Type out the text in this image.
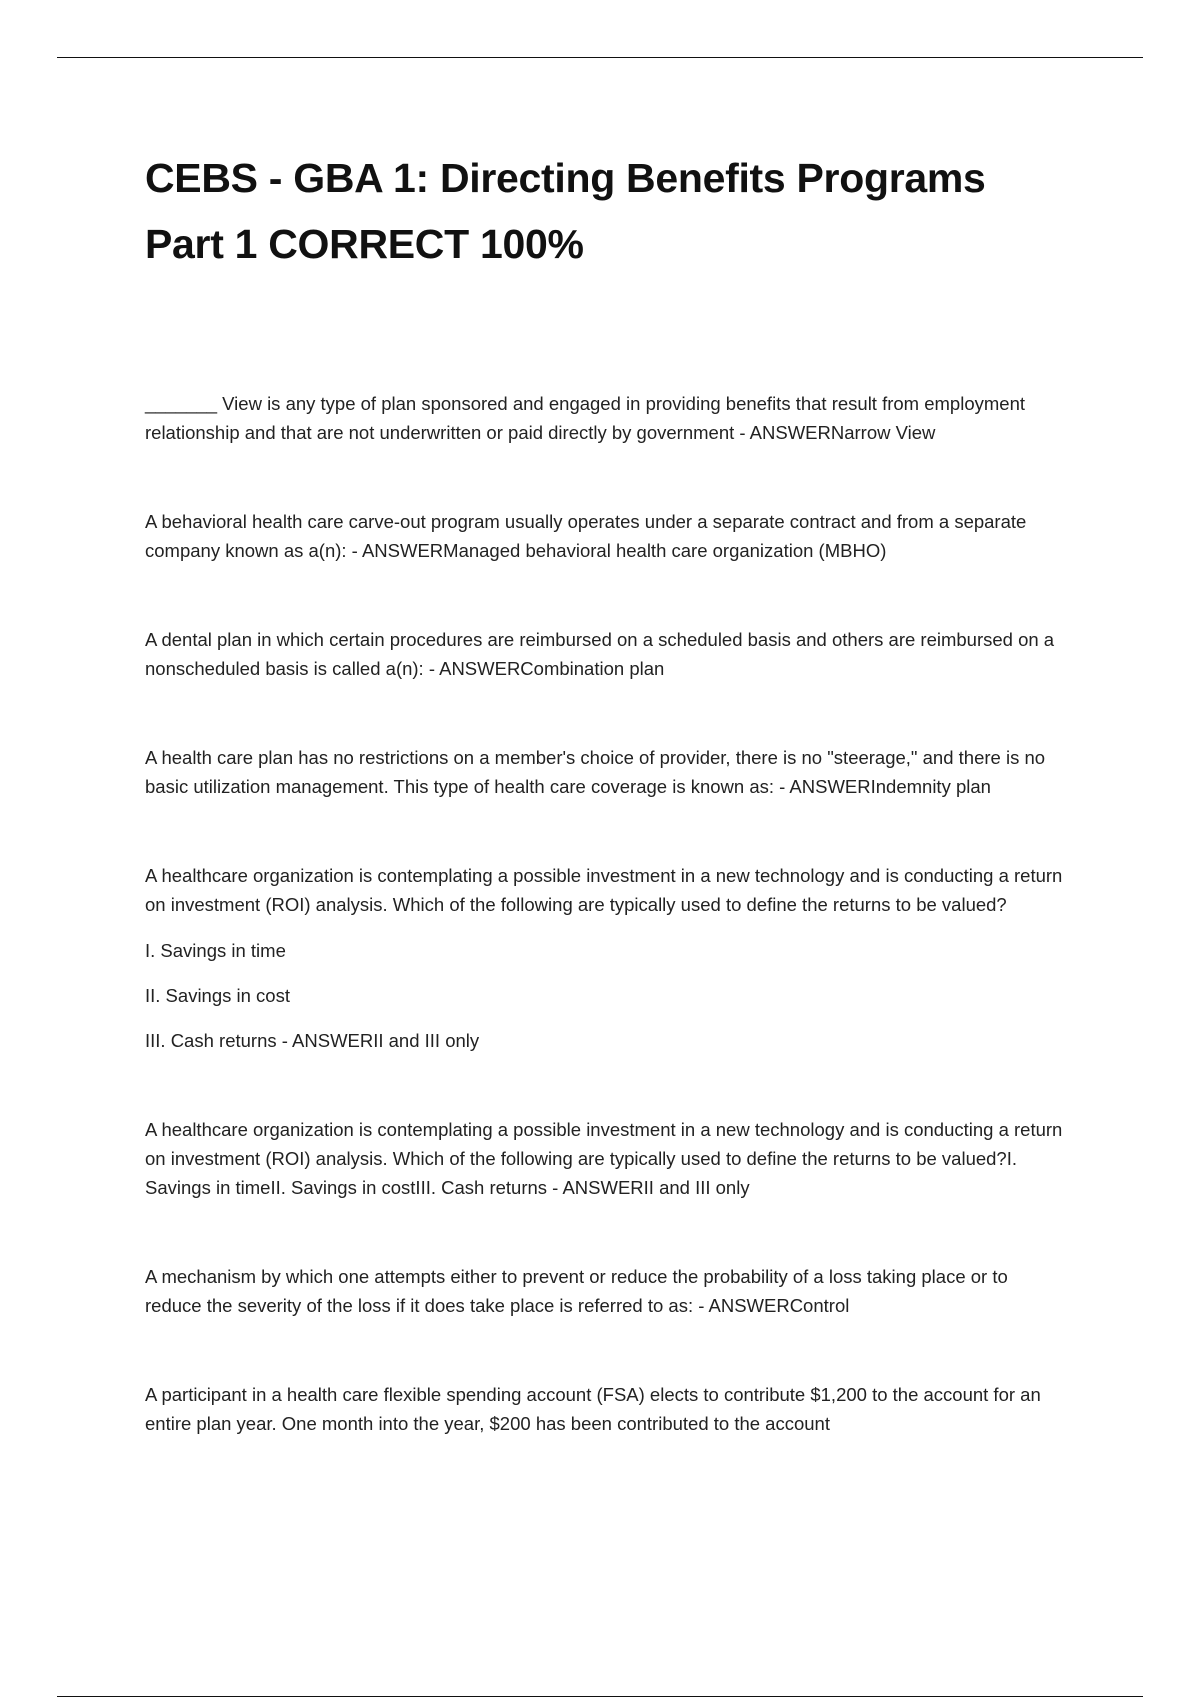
CEBS - GBA 1: Directing Benefits Programs
Part 1 CORRECT 100%

_______ View is any type of plan sponsored and engaged in providing benefits that result from employment relationship and that are not underwritten or paid directly by government - ANSWERNarrow View

A behavioral health care carve-out program usually operates under a separate contract and from a separate company known as a(n): - ANSWERManaged behavioral health care organization (MBHO)

A dental plan in which certain procedures are reimbursed on a scheduled basis and others are reimbursed on a nonscheduled basis is called a(n): - ANSWERCombination plan

A health care plan has no restrictions on a member's choice of provider, there is no "steerage," and there is no basic utilization management. This type of health care coverage is known as: - ANSWERIndemnity plan

A healthcare organization is contemplating a possible investment in a new technology and is conducting a return on investment (ROI) analysis. Which of the following are typically used to define the returns to be valued?

I. Savings in time

II. Savings in cost

III. Cash returns - ANSWERII and III only

A healthcare organization is contemplating a possible investment in a new technology and is conducting a return on investment (ROI) analysis. Which of the following are typically used to define the returns to be valued?I. Savings in timeII. Savings in costIII. Cash returns - ANSWERII and III only

A mechanism by which one attempts either to prevent or reduce the probability of a loss taking place or to reduce the severity of the loss if it does take place is referred to as: - ANSWERControl

A participant in a health care flexible spending account (FSA) elects to contribute $1,200 to the account for an entire plan year. One month into the year, $200 has been contributed to the account
